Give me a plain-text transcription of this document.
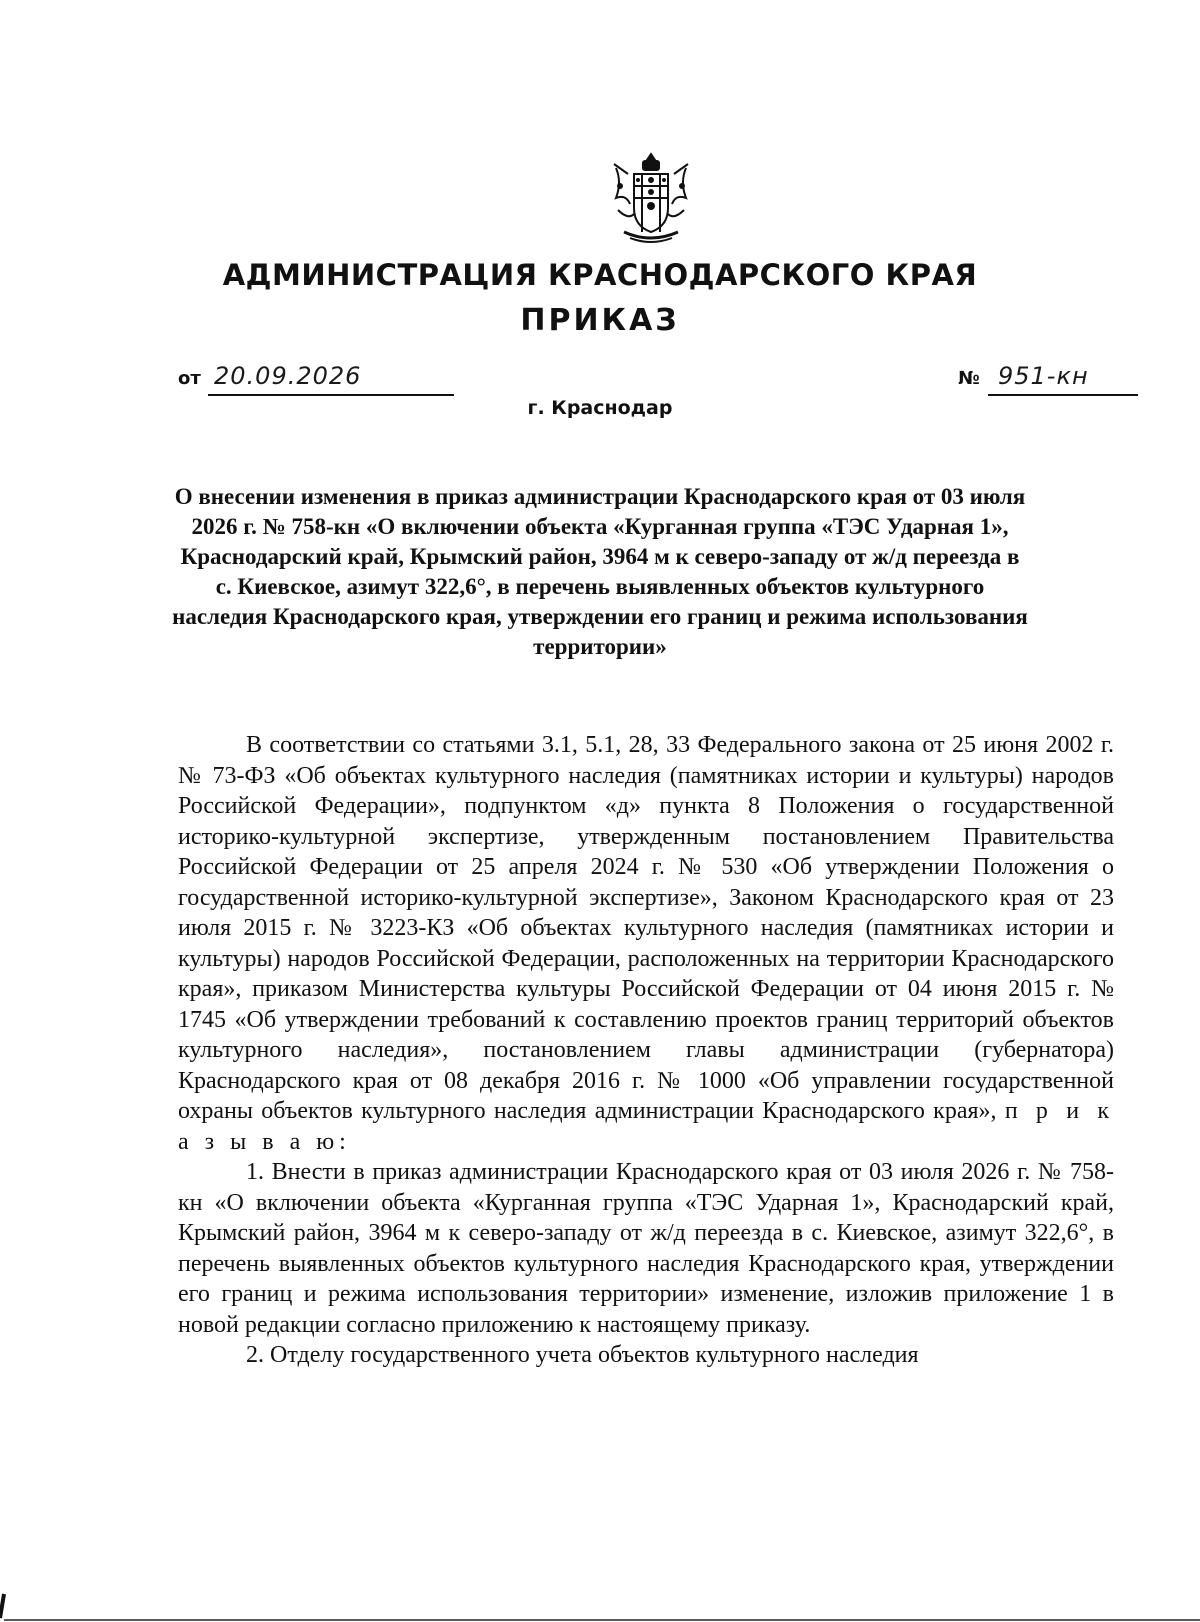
АДМИНИСТРАЦИЯ КРАСНОДАРСКОГО КРАЯ
ПРИКАЗ
от 20.09.2026	№ 951-кн
г. Краснодар
О внесении изменения в приказ администрации Краснодарского края от 03 июля 2026 г. № 758-кн «О включении объекта «Курганная группа «ТЭС Ударная 1», Краснодарский край, Крымский район, 3964 м к северо-западу от ж/д переезда в с. Киевское, азимут 322,6°, в перечень выявленных объектов культурного наследия Краснодарского края, утверждении его границ и режима использования территории»

В соответствии со статьями 3.1, 5.1, 28, 33 Федерального закона от 25 июня 2002 г. № 73-ФЗ «Об объектах культурного наследия (памятниках истории и культуры) народов Российской Федерации», подпунктом «д» пункта 8 Положения о государственной историко-культурной экспертизе, утвержденным постановлением Правительства Российской Федерации от 25 апреля 2024 г. № 530 «Об утверждении Положения о государственной историко-культурной экспертизе», Законом Краснодарского края от 23 июля 2015 г. № 3223-КЗ «Об объектах культурного наследия (памятниках истории и культуры) народов Российской Федерации, расположенных на территории Краснодарского края», приказом Министерства культуры Российской Федерации от 04 июня 2015 г. № 1745 «Об утверждении требований к составлению проектов границ территорий объектов культурного наследия», постановлением главы администрации (губернатора) Краснодарского края от 08 декабря 2016 г. № 1000 «Об управлении государственной охраны объектов культурного наследия администрации Краснодарского края», п р и к а з ы в а ю:

1. Внести в приказ администрации Краснодарского края от 03 июля 2026 г. № 758-кн «О включении объекта «Курганная группа «ТЭС Ударная 1», Краснодарский край, Крымский район, 3964 м к северо-западу от ж/д переезда в с. Киевское, азимут 322,6°, в перечень выявленных объектов культурного наследия Краснодарского края, утверждении его границ и режима использования территории» изменение, изложив приложение 1 в новой редакции согласно приложению к настоящему приказу.

2. Отделу государственного учета объектов культурного наследия
